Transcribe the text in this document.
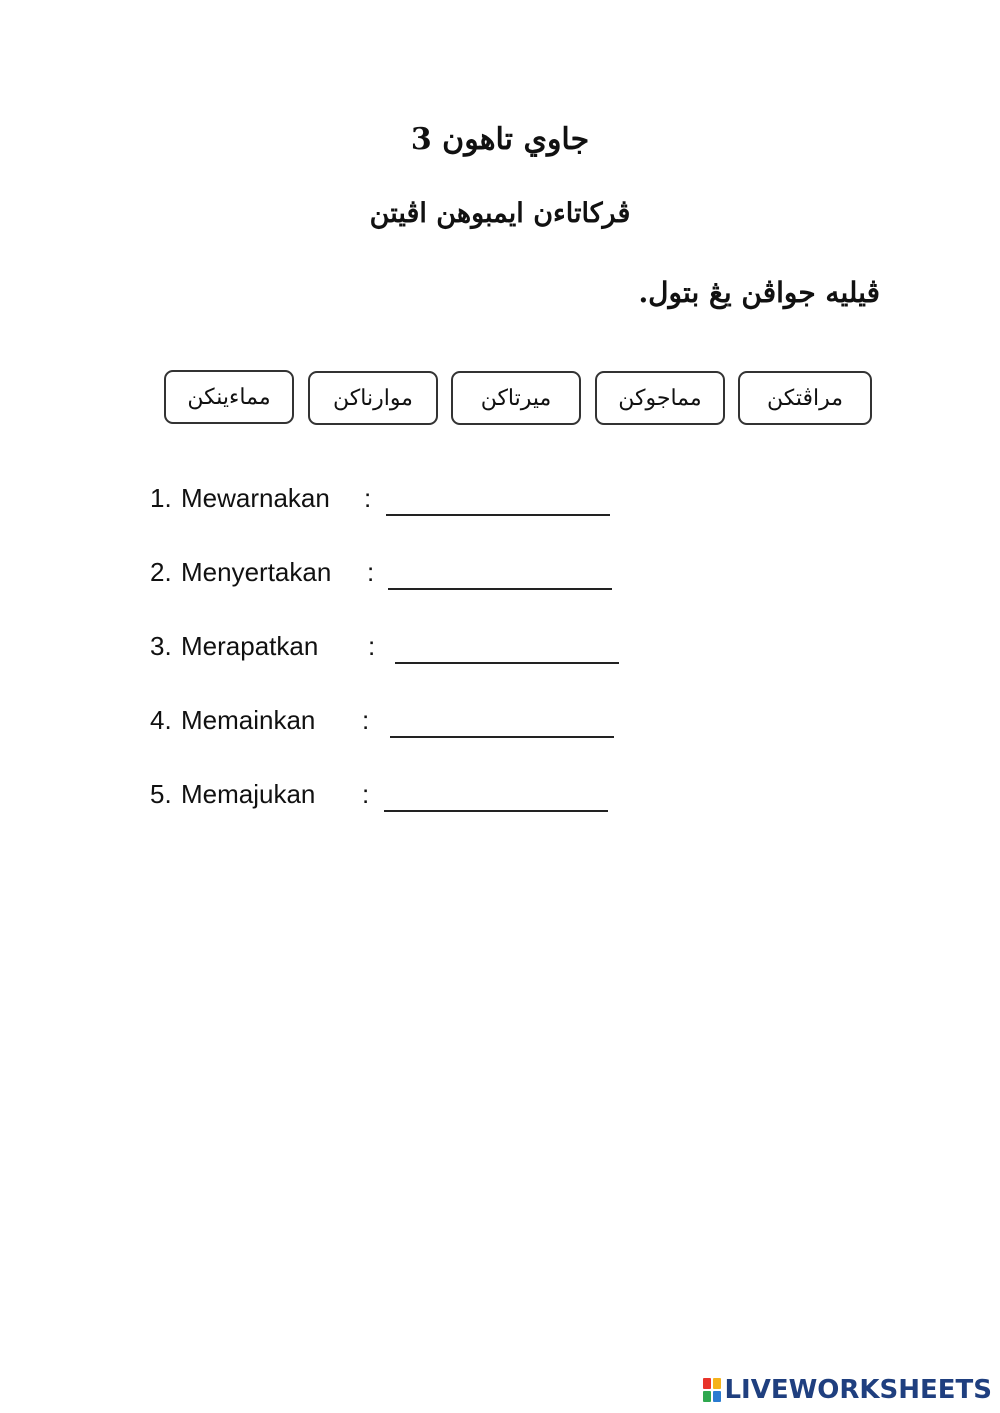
جاوي تاهون 3
ڤركاتاءن ايمبوهن اڤيتن
ڤيليه جواڤن يڠ بتول.
مماءينكن	موارناكن	ميرتاكن	مماجوكن	مراڤتكن
1. Mewarnakan :
2. Menyertakan :
3. Merapatkan :
4. Memainkan :
5. Memajukan :
LIVEWORKSHEETS
